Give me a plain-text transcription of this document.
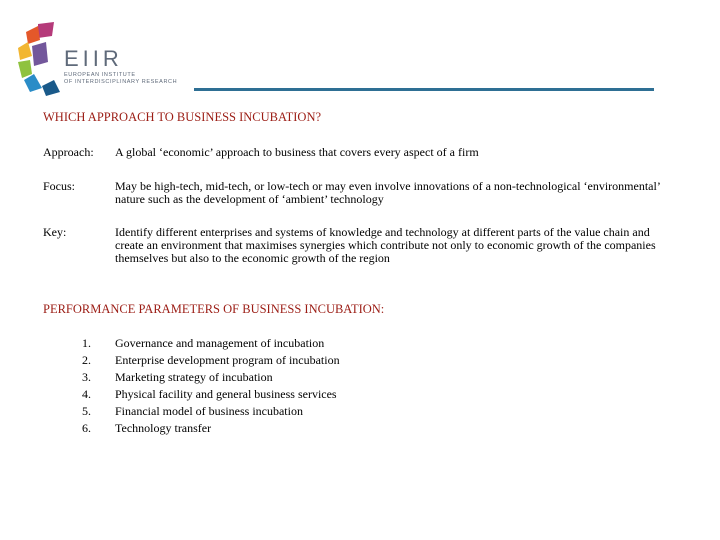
EIIR
EUROPEAN INSTITUTE
OF INTERDISCIPLINARY RESEARCH
WHICH APPROACH TO BUSINESS INCUBATION?
Approach: A global ‘economic’ approach to business that covers every aspect of a firm
Focus:	May be high-tech, mid-tech, or low-tech or may even involve innovations of a non-technological ‘environmental’ nature such as the development of ‘ambient’ technology
Key:	Identify different enterprises and systems of knowledge and technology at different parts of the value chain and create an environment that maximises synergies which contribute not only to economic growth of the companies themselves but also to the economic growth of the region
PERFORMANCE PARAMETERS OF BUSINESS INCUBATION:
1. Governance and management of incubation
2. Enterprise development program of incubation
3. Marketing strategy of incubation
4. Physical facility and general business services
5. Financial model of business incubation
6. Technology transfer
